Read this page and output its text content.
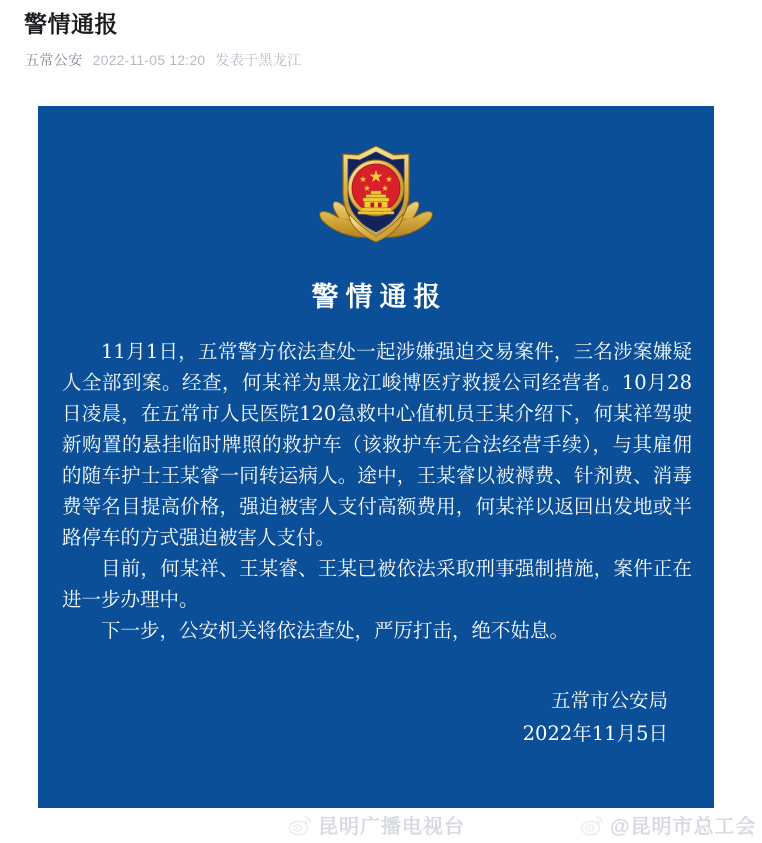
警情通报
五常公安 2022-11-05 12:20 发表于黑龙江
警情通报

11月1日，五常警方依法查处一起涉嫌强迫交易案件，三名涉案嫌疑人全部到案。经查，何某祥为黑龙江峻博医疗救援公司经营者。10月28日凌晨，在五常市人民医院120急救中心值机员王某介绍下，何某祥驾驶新购置的悬挂临时牌照的救护车（该救护车无合法经营手续），与其雇佣的随车护士王某睿一同转运病人。途中，王某睿以被褥费、针剂费、消毒费等名目提高价格，强迫被害人支付高额费用，何某祥以返回出发地或半路停车的方式强迫被害人支付。

目前，何某祥、王某睿、王某已被依法采取刑事强制措施，案件正在进一步办理中。

下一步，公安机关将依法查处，严厉打击，绝不姑息。

五常市公安局
2022年11月5日
昆明广播电视台	@昆明市总工会
